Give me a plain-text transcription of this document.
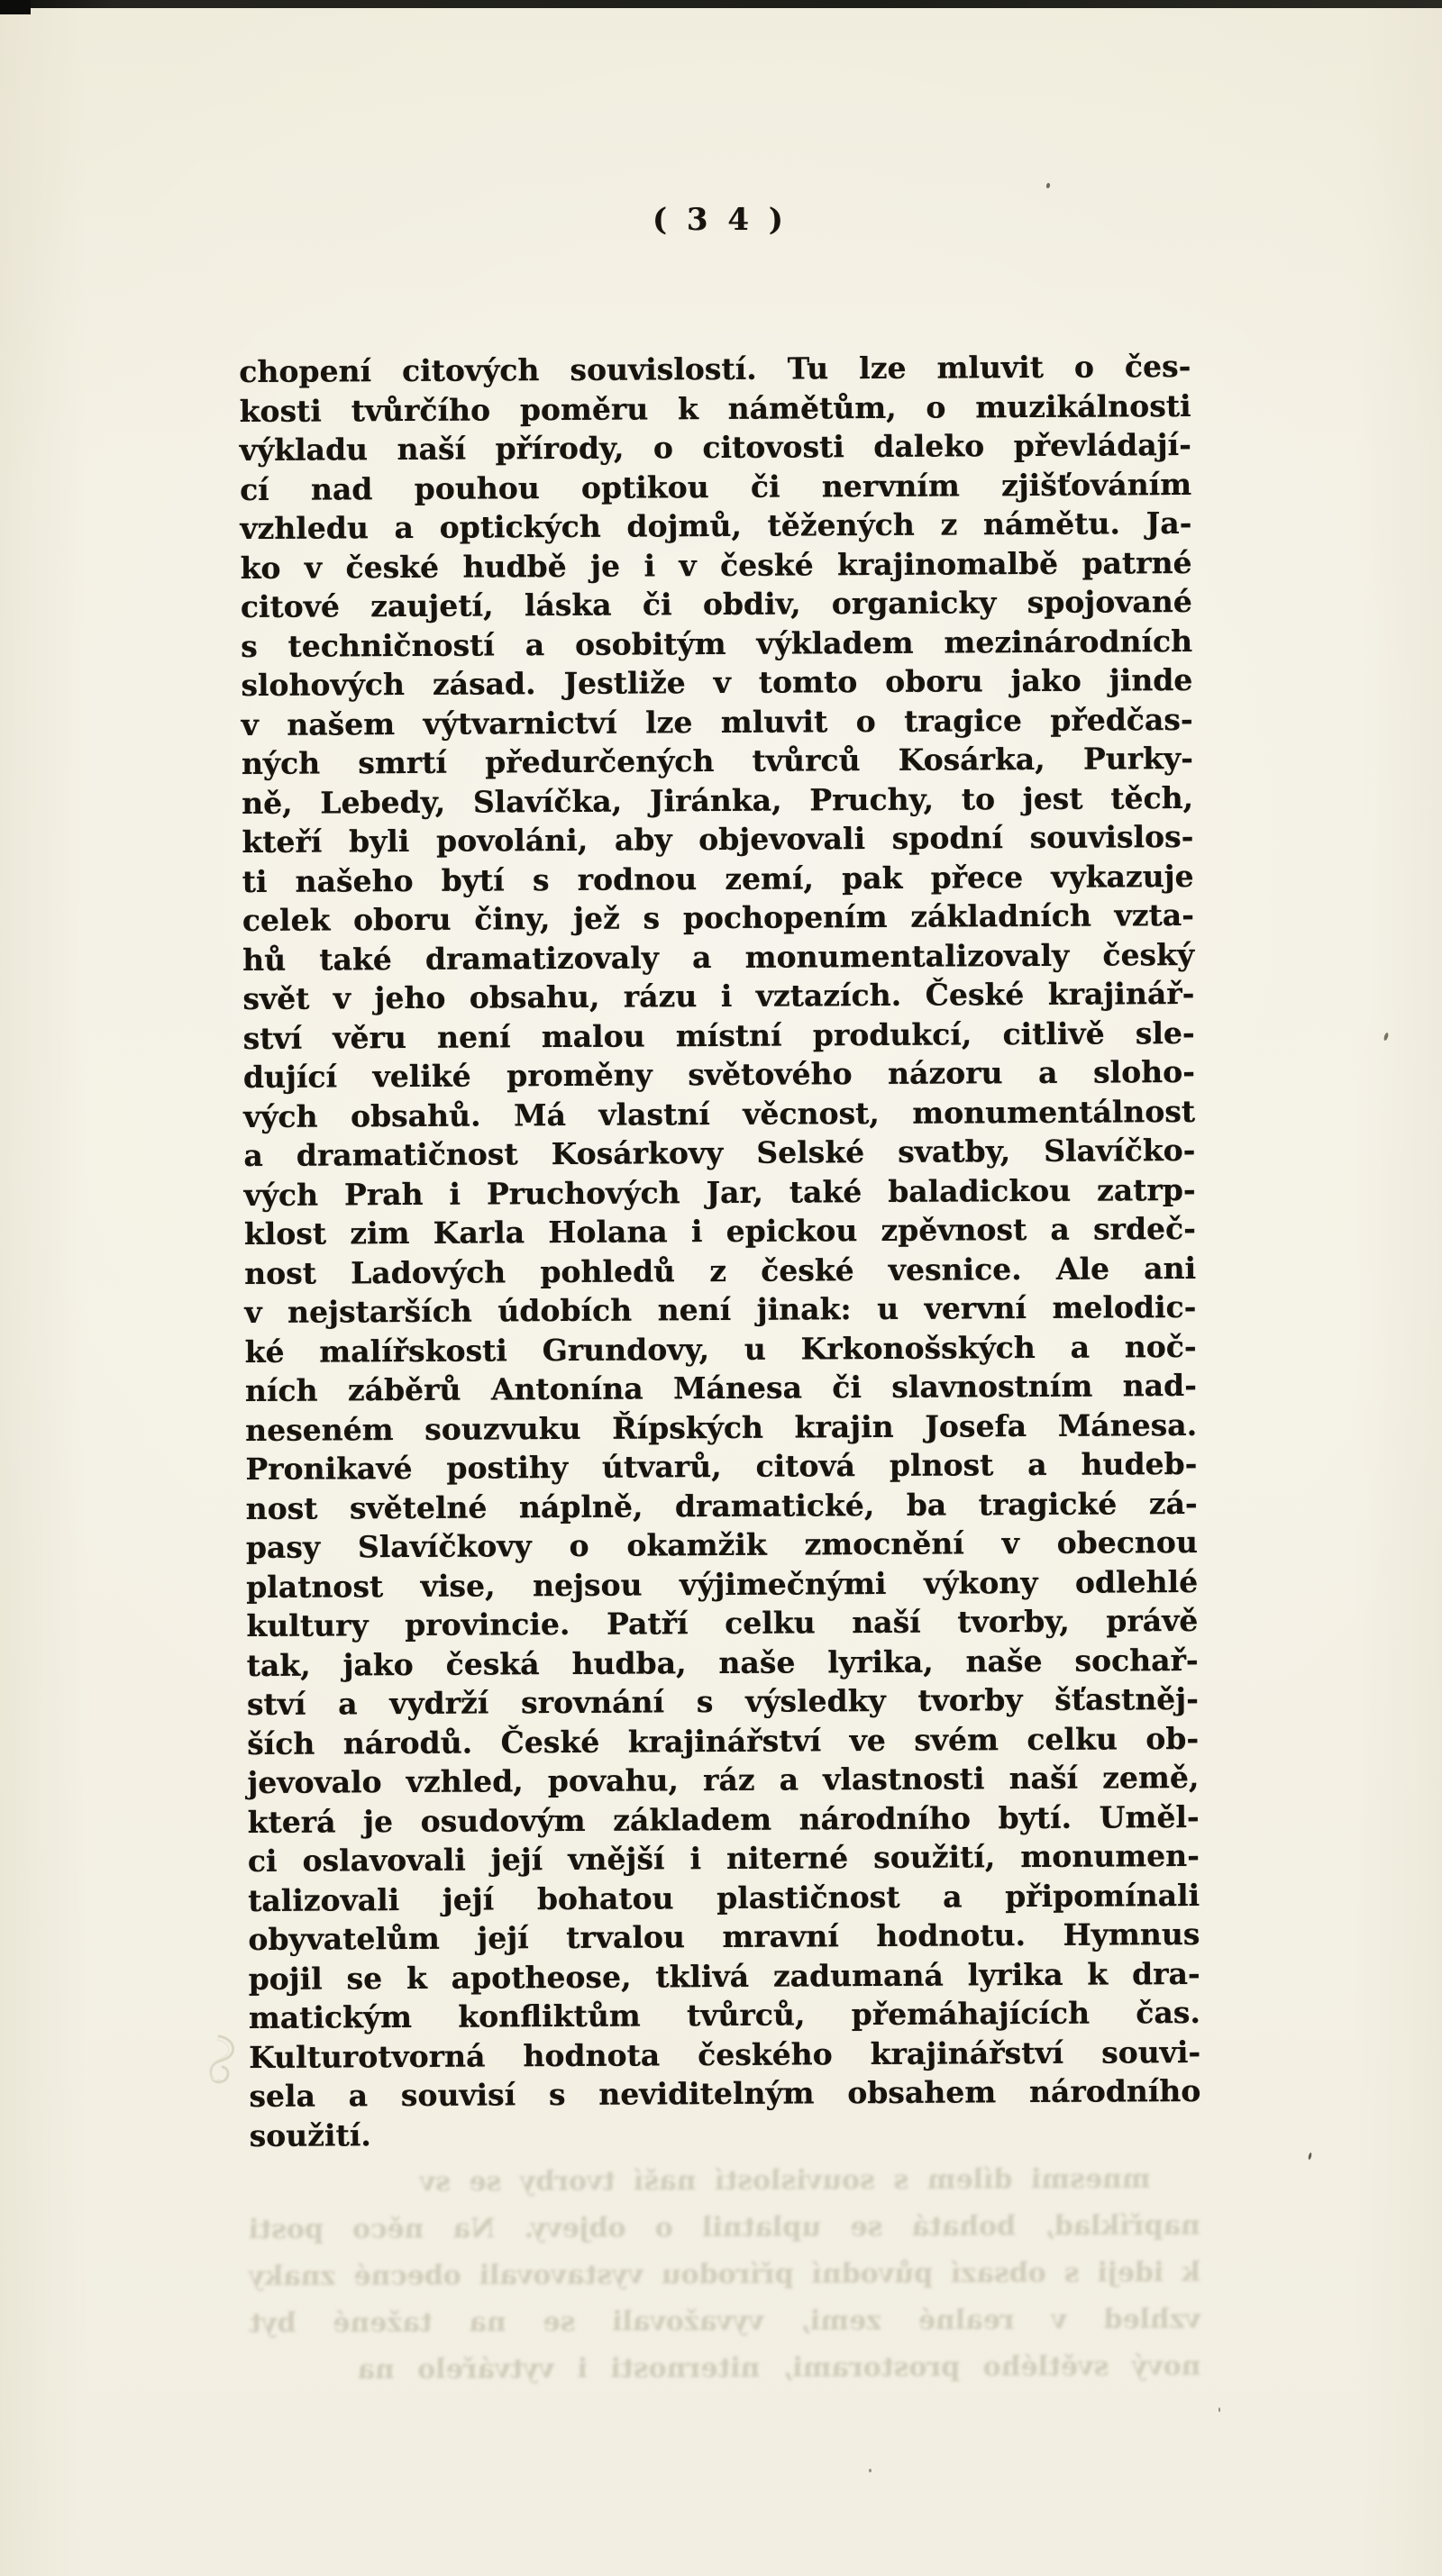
( 3 4 )
chopení citových souvislostí. Tu lze mluvit o čes-
kosti tvůrčího poměru k námětům, o muzikálnosti
výkladu naší přírody, o citovosti daleko převládají-
cí nad pouhou optikou či nervním zjišťováním
vzhledu a optických dojmů, těžených z námětu. Ja-
ko v české hudbě je i v české krajinomalbě patrné
citové zaujetí, láska či obdiv, organicky spojované
s techničností a osobitým výkladem mezinárodních
slohových zásad. Jestliže v tomto oboru jako jinde
v našem výtvarnictví lze mluvit o tragice předčas-
ných smrtí předurčených tvůrců Kosárka, Purky-
ně, Lebedy, Slavíčka, Jiránka, Pruchy, to jest těch,
kteří byli povoláni, aby objevovali spodní souvislos-
ti našeho bytí s rodnou zemí, pak přece vykazuje
celek oboru činy, jež s pochopením základních vzta-
hů také dramatizovaly a monumentalizovaly český
svět v jeho obsahu, rázu i vztazích. České krajinář-
ství věru není malou místní produkcí, citlivě sle-
dující veliké proměny světového názoru a sloho-
vých obsahů. Má vlastní věcnost, monumentálnost
a dramatičnost Kosárkovy Selské svatby, Slavíčko-
vých Prah i Pruchových Jar, také baladickou zatrp-
klost zim Karla Holana i epickou zpěvnost a srdeč-
nost Ladových pohledů z české vesnice. Ale ani
v nejstarších údobích není jinak: u vervní melodic-
ké malířskosti Grundovy, u Krkonošských a noč-
ních záběrů Antonína Mánesa či slavnostním nad-
neseném souzvuku Řípských krajin Josefa Mánesa.
Pronikavé postihy útvarů, citová plnost a hudeb-
nost světelné náplně, dramatické, ba tragické zá-
pasy Slavíčkovy o okamžik zmocnění v obecnou
platnost vise, nejsou výjimečnými výkony odlehlé
kultury provincie. Patří celku naší tvorby, právě
tak, jako česká hudba, naše lyrika, naše sochař-
ství a vydrží srovnání s výsledky tvorby šťastněj-
ších národů. České krajinářství ve svém celku ob-
jevovalo vzhled, povahu, ráz a vlastnosti naší země,
která je osudovým základem národního bytí. Uměl-
ci oslavovali její vnější i niterné soužití, monumen-
talizovali její bohatou plastičnost a připomínali
obyvatelům její trvalou mravní hodnotu. Hymnus
pojil se k apotheose, tklivá zadumaná lyrika k dra-
matickým konfliktům tvůrců, přemáhajících čas.
Kulturotvorná hodnota českého krajinářství souvi-
sela a souvisí s neviditelným obsahem národního
soužití.
mnesmi dílem s souvislostí naší tvorby se sv
například, bohatá se uplatnil o objevy. Na něco posti
k ideji s obsazí původní přírodou vystavovali obecné znaky
vzhled v realné zemi, vyvažovali se na tažené byt
nový světlého prostorami, niternosti i vytvářelo na
